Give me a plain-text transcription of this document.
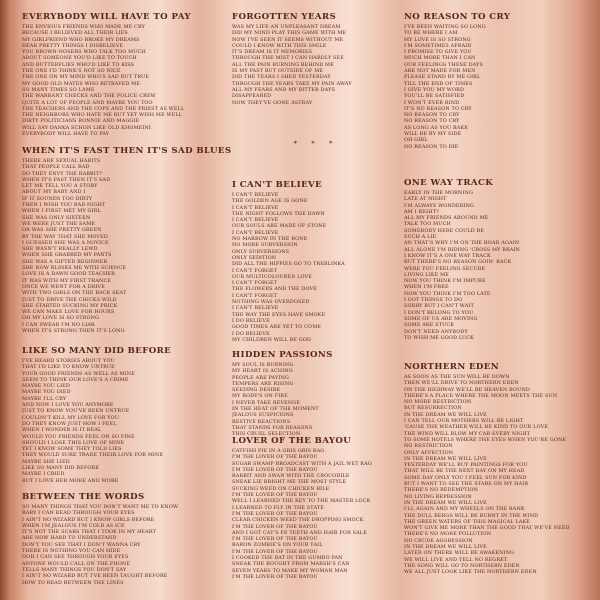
EVERYBODY WILL HAVE TO PAY
THE ENVIOUS FRIENDS WHO MADE ME CRY
BECAUSE I BELIEVED ALL THEIR LIES
MY GIRLFRIEND WHO BROKE MY DREAMS
DEAR PRETTY THINGS I DISBELIEVE
YOU BROWN-NOSERS WHO TALK TOO MUCH
ABOUT SOMEONE YOU'D LIKE TO TOUCH
AND BUTTERFLIES WHO'D LIKE TO KISS
THE ONE I'D THINK'S NOT SO NICE
THE ONE ON MY MIND WHO'S SAD BUT TRUE
MY GOOD OLD MATES WHO BETRAYED ME
SO MANY TIMES SO LAME
THE WARRANT CHECKS AND THE POLICE CREW
QUITE A LOT OF PEOPLE AND MAYBE YOU TOO
THE TEACHERS AND THE COPS AND THE PRIEST AS WELL
THE NEIGHBORS WHO HATE ME BUT YET WISH ME WELL
DIRTY POLITICIANS RONNIE AND MAGGIE
WILL SAY DANKA SCHON LIKE OLD KHOMEINI
EVERYBODY WILL HAVE TO PAY
WHEN IT'S FAST THEN IT'S SAD BLUES
THERE ARE SEXUAL HABITS
THAT PEOPLE CALL BAD
DO THEY ENVY THE RABBIT?
WHEN IT'S FAST THEN IT'S SAD
LET ME TELL YOU A STORY
ABOUT MY BABY AND I
IF IT SOUNDS TOO DIRTY
THEN I WISH YOU BAD NIGHT
WHEN I FIRST MET MY GIRL
SHE WAS ONLY SIXTEEN
WE WERE JUST THE SAME
OR WAS SHE PRETTY GREEN
BY THE WAY THAT SHE MOVED
I GUESSED SHE WAS A NOVICE
SHE WASN'T REALLY LEWD
WHEN SHE GRABBED MY PANTS
SHE WAS A GIFTED BEGINNER
SHE NOW BLINKS ME WITH SCIENCE
LOVE IS A DAWN GOOD TEACHER
IT WAS WITH MY FIRST TRANCE
ONCE WE WENT FOR A DRIVE
WITH TWO GIRLS ON THE BACK SEAT
JUST TO DRIVE THE CHICKS WILD
SHE STARTED SUCKING MY PRICK
WE CAN MAKE LOVE FOR HOURS
OH MY LOVE IS SO STRONG
I CAN SWEAR I'M NO LIAR
WHEN IT'S STRONG THEN IT'S LONG
LIKE SO MANY DID BEFORE
I'VE HEARD STORIES ABOUT YOU
THAT I'D LIKE TO KNOW UNTRUE
YOUR GOOD FRIENDS AS WELL AS MINE
SEEM TO THINK OUR LOVE'S A CRIME
MAYBE YOU LIED
MAYBE YOU DIED
MAYBE I'LL CRY
AND NOW I LOVE YOU ANYMORE
JUST TO KNOW YOU'VE BEEN UNTRUE
COULDN'T KILL MY LOVE FOR YOU
DO THEY KNOW JUST HOW I FEEL
WHEN I WONDER IS IT REAL
WOULD YOU FRIENDS FEEL ON SO FINE
SHOULD I LOSE THIS LOVE OF MINE
YET I KNOW SOME THEY TOLD LIES
THEY WOULD SURE TRADE THEIR LOVE FOR MINE
MAYBE SHE LIED
LIKE SO MANY DID BEFORE
MAYBE I CRIED
BUT I LOVE HER MORE AND MORE
BETWEEN THE WORDS
SO MANY THINGS THAT YOU DON'T WANT ME TO KNOW
BABY I CAN READ THROUGH YOUR EYES
I AIN'T NO WIZARD BUT I KNOW GIRLS BEFORE
WHEN I'M JEALOUS I'M COLD AS ICE
IT'S NOT THE SCARS THAT I TOOK IN MY HEART
ARE NOW HARD TO UNDERSTAND
DON'T YOU SEE THAT I DON'T WANNA CRY
THERE IS NOTHING YOU CAN HIDE
OOH I CAN SEE THROUGH YOUR EYES
ANYONE WOULD CALL ON THE PHONE
TELLS MANY THINGS YOU DON'T SAY
I AIN'T NO WIZARD BUT I'VE BEEN TAUGHT BEFORE
HOW TO READ BETWEEN THE LINES
FORGOTTEN YEARS
WAS MY LIFE AN UNPLEASANT DREAM
DID MY MIND PLAY THIS GAME WITH ME
NOW I'VE SEEN IT SEEMS WITHOUT ME
COULD I KNOW WITH THIS SMILE
IT'S DREAM IS IT MEMORIES
THROUGH THE MIST I CAN HARDLY SEE
ALL THE PAIN BURNING BEHIND ME
IS MY PAST BUT OUTSIDE OF ME
DID THE TEARS I SHED YESTERDAY
THROUGH THE YEARS TAKE MY PAIN AWAY
ALL MY FEARS AND MY BITTER DAYS
DISAPPEARED
NOW THEY'VE GONE ASTRAY
* * *
I CAN'T BELIEVE
I CAN'T BELIEVE
THE GOLDEN AGE IS GONE
I CAN'T BELIEVE
THE NIGHT FOLLOWS THE DAWN
I CAN'T BELIEVE
OUR SOULS ARE MADE OF STONE
I CAN'T BELIEVE
NO MARROW IN THE BONE
NO MORE SUBVERSION
ONLY SUBVERSIONS
ONLY SEDITION
DID ALL THE HIPPIES GO TO TREBLINKA
I CAN'T FORGET
OUR MULTICOLOURED LOVE
I CAN'T FORGET
THE FLOWERS AND THE DOVE
I CAN'T FORGET
NOTHING WAS OVERDOSED
I CAN'T BELIEVE
THE WAY THE EYES HAVE SMOKE
I DO BELIEVE
GOOD TIMES ARE YET TO COME
I DO BELIEVE
MY CHILDREN WILL BE GOD
HIDDEN PASSIONS
MY SOUL IS BURNING
MY HEART IS ACHING
PEOPLE ARE PAYING
TEMPERS ARE RISING
SEEDING DESIRE
MY BODY'S ON FIRE
I NEVER TAKE REVENGE
IN THE HEAT OF THE MOMENT
JEALOUS SUSPICIONS
RESTIVE REACTIONS
THAT STANDS FOR REASONS
THIS CRUEL SELECTION
LOVER OF THE BAYOU
CATFISH PIE IN A GRIS GRIS BAG
I'M THE LOVER OF THE BAYOU
SUGAR SWAMP BROADCAST WITH A JAIL WET RAG
I'M THE LOVER OF THE BAYOU
RABBIT AND SWAN WITH THE CROCODILE
SNEAK LIE BRIGHT ME THE MOST STYLE
SUCKING WEED ON CHICKEN BILE
I'M THE LOVER OF THE BAYOU
WELL I LEARNED THE KEY TO THE MASTER LOCK
I LEARNED TO FLY IN THE STATE
I'M THE LOVER OF THE BAYOU
CLEAR CHICKEN WEED THE DROPPING SMOCK
I'M THE LOVER OF THE BAYOU
AND I GOT CAT'S FE TEETH AND HAIR FOR SALE
I'M THE LOVER OF THE BAYOU
BARON ZOMBIE'S ON YOUR TAIL
I'M THE LOVER OF THE BAYOU
I COOKED THE BAT IN THE GUMBO PAN
SNEAK THE BOUGHT FROM MARSH'S CAN
SEVEN YEARS TO MAKE MY WOMAN MAN
I'M THE LOVER OF THE BAYOU
NO REASON TO CRY
I'VE BEEN WAITING SO LONG
TO BE WHERE I AM
MY LOVE IS SO STRONG
I'M SOMETIMES AFRAID
I PROMISE TO GIVE YOU
MUCH MORE THAN I CAN
OUR FEELINGS THESE DAYS
ARE NOT MADE FOR MEN
PLEASE STAND BY ME GIRL
TILL THE END OF TIMES
I GIVE YOU MY WORD
YOU'LL BE SATISFIED
I WON'T EVER BIND
IT'S NO REASON TO CRY
NO REASON TO CRY
NO REASON TO CRY
AS LONG AS YOU BAKE
WILL BE BY MY SIDE
OH GIRL
NO REASON TO DIE
ONE WAY TRACK
EARLY IN THE MORNING
LATE AT NIGHT
I'M ALWAYS WONDERING
AM I RIGHT?
ALL MY FRIENDS AROUND ME
TALK TOO MUCH
SOMEBODY HERE COULD BE
SUCH A LIE
AN THAT'S WHY I'M ON THE ROAD AGAIN
ALL ALONE I'M RIDING 'CROSS MY BRAIN
I KNOW IT'S A ONE WAY TRACK
BUT THERE'S NO REASON GOIN' BACK
WERE YOU FEELING SECURE
LIVING LIKE ME
NOW YOU THINK I'M IMPURE
WHEN I'M FREE
NOW YOU THINK I'M TOO LATE
I GOT THINGS TO DO
SORRY BUT I CAN'T WAIT
I DON'T BELONG TO YOU
SOME OF US ARE MOVING
SOME ARE STUCK
DON'T NEED ANYBODY
TO WISH ME GOOD LUCK
NORTHERN EDEN
AS SOON AS THE SUN WILL BE DOWN
THEN WE'LL DRIVE TO NORTHERN EDEN
ON THE HIGHWAY WE'LL BE HEAVEN BOUND
THERE'S A PLACE WHERE THE MOON MEETS THE SUN
NO MORE RESTRICTION
BUT RESURRECTION
IN THE DREAM WE WILL LIVE
I CAN TELL OUR MOTHERS WILL BE LIGHT
'CAUSE THE WEATHER WILL BE KIND TO OUR LOVE
THE WIND WILL BLOW MY CAR EVERY NIGHT
TO SOME HOTELS WHERE THE EYES WHEN YOU'RE GONE
NO RESTRICTION
ONLY AFFECTION
IN THE DREAM WE WILL LIVE
YESTERDAY WE'LL BUY PAINTINGS FOR YOU
THAT WILL BE THE NEXT DAY ON MY HEAD
SOME DAY ONLY YOU I FEEL SUN FOR KIND
BUT I WANT TO SEE THE STARS ON MY HAIR
THERE'S NO REDEMPTION
NO LIVING REPRESSION
IN THE DREAM WE WILL LIVE
I'LL AGAIN AND MY WHEELS ON THE BANK
THE DULL BERGS WILL BE BURNT IN THE WIND
THE GREEN WATERS OF THIS MAGICAL LAKE
WON'T GIVE ME MORE THAN THE GOOD THAT WE'VE NEED
THERE'S NO MORE POLLUTION
NO CRUDE AGGRESSION
IN THE DREAM WE WILL LIVE
LATER ON THERE WILL BE AWAKENING
WE WILL LIVE AND TELL NO REGRET
THE SONG WILL GO TO NORTHERN EDEN
WE ALL JUST LOOK LIKE THE NORTHERN EDEN
